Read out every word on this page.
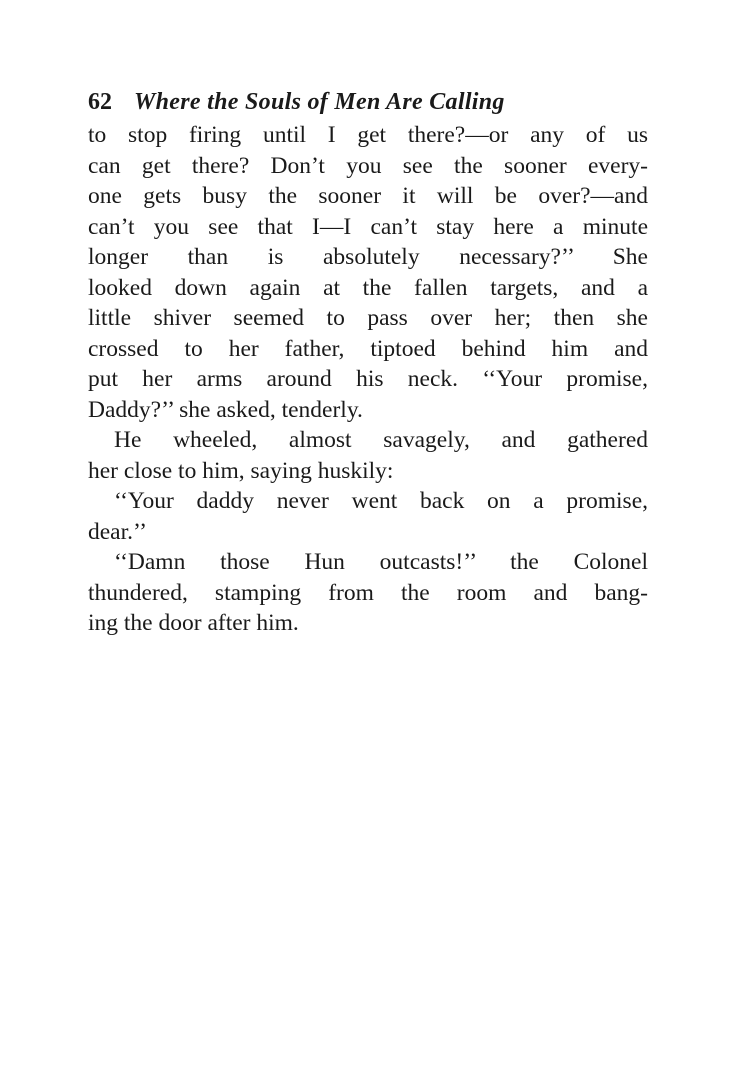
62 Where the Souls of Men Are Calling
to stop firing until I get there?—or any of us
can get there? Don’t you see the sooner every-
one gets busy the sooner it will be over?—and
can’t you see that I—I can’t stay here a minute
longer than is absolutely necessary?’’ She
looked down again at the fallen targets, and a
little shiver seemed to pass over her; then she
crossed to her father, tiptoed behind him and
put her arms around his neck. ‘‘Your promise,
Daddy?’’ she asked, tenderly.
He wheeled, almost savagely, and gathered
her close to him, saying huskily:
‘‘Your daddy never went back on a promise,
dear.’’
‘‘Damn those Hun outcasts!’’ the Colonel
thundered, stamping from the room and bang-
ing the door after him.
